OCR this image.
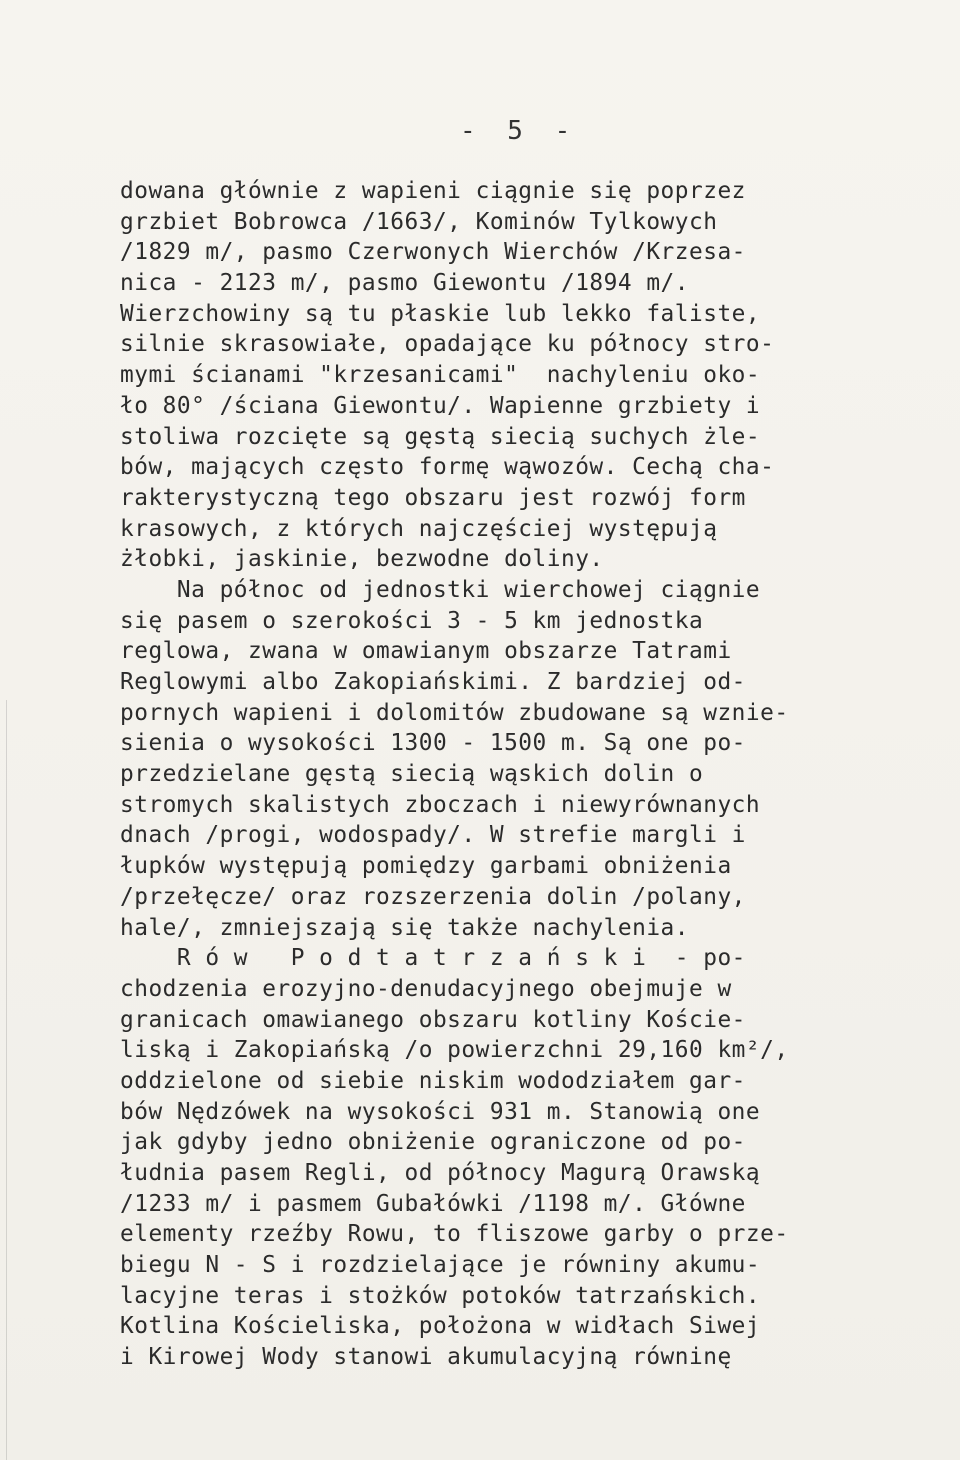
- 5 -
dowana głównie z wapieni ciągnie się poprzez
grzbiet Bobrowca /1663/, Kominów Tylkowych
/1829 m/, pasmo Czerwonych Wierchów /Krzesa-
nica - 2123 m/, pasmo Giewontu /1894 m/.
Wierzchowiny są tu płaskie lub lekko faliste,
silnie skrasowiałe, opadające ku północy stro-
mymi ścianami "krzesanicami"  nachyleniu oko-
ło 80° /ściana Giewontu/. Wapienne grzbiety i
stoliwa rozcięte są gęstą siecią suchych żle-
bów, mających często formę wąwozów. Cechą cha-
rakterystyczną tego obszaru jest rozwój form
krasowych, z których najczęściej występują
żłobki, jaskinie, bezwodne doliny.
Na północ od jednostki wierchowej ciągnie
się pasem o szerokości 3 - 5 km jednostka
reglowa, zwana w omawianym obszarze Tatrami
Reglowymi albo Zakopiańskimi. Z bardziej od-
pornych wapieni i dolomitów zbudowane są wznie-
sienia o wysokości 1300 - 1500 m. Są one po-
przedzielane gęstą siecią wąskich dolin o
stromych skalistych zboczach i niewyrównanych
dnach /progi, wodospady/. W strefie margli i
łupków występują pomiędzy garbami obniżenia
/przełęcze/ oraz rozszerzenia dolin /polany,
hale/, zmniejszają się także nachylenia.
R ó w   P o d t a t r z a ń s k i  - po-
chodzenia erozyjno-denudacyjnego obejmuje w
granicach omawianego obszaru kotliny Koście-
liską i Zakopiańską /o powierzchni 29,160 km²/,
oddzielone od siebie niskim wododziałem gar-
bów Nędzówek na wysokości 931 m. Stanowią one
jak gdyby jedno obniżenie ograniczone od po-
łudnia pasem Regli, od północy Magurą Orawską
/1233 m/ i pasmem Gubałówki /1198 m/. Główne
elementy rzeźby Rowu, to fliszowe garby o prze-
biegu N - S i rozdzielające je równiny akumu-
lacyjne teras i stożków potoków tatrzańskich.
Kotlina Kościeliska, położona w widłach Siwej
i Kirowej Wody stanowi akumulacyjną równinę
